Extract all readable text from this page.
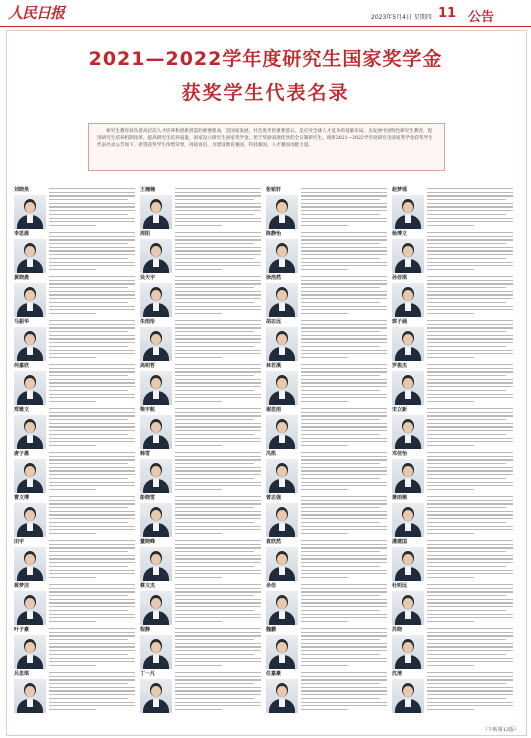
人民日报	2023年5月4日 星期四 11 公告
2021—2022学年度研究生国家奖学金
获奖学生代表名录

研究生教育肩负着高层次人才培养和创新创造的重要使命，是国家发展、社会进步的重要基石，是应对全球人才竞争的基础布局。为发展中国特色研究生教育，促进研究生培养机制改革，提高研究生培养质量，国家设立研究生国家奖学金，用于奖励表现优异的全日制研究生。现将2021—2022学年度研究生国家奖学金获奖学生代表名录公告如下，希望获奖学生珍惜荣誉，再接再厉，为建设教育强国、科技强国、人才强国贡献力量。

刘晓昊	王楠楠	张铭轩	赵梦瑶
李思源	周阳	陈静怡	杨博文
黄晓晨	吴天宇	徐浩然	孙佳琪
马振华	朱雨彤	胡志远	郭子涵
何嘉欣	高明哲	林若溪	罗俊杰
郑雅文	梁宇航	谢思雨	宋立新
唐子墨	韩雪	冯凯	邓佳怡
曹文博	彭晓雪	曾志强	萧雨桐
田宇	董晓峰	袁欣然	潘建国
蒋梦洁	蔡文杰	余佳	杜明远
叶子豪	程静	魏鹏	苏晓
吕思琪	丁一凡	任嘉豪	沈清
（下转第12版）
